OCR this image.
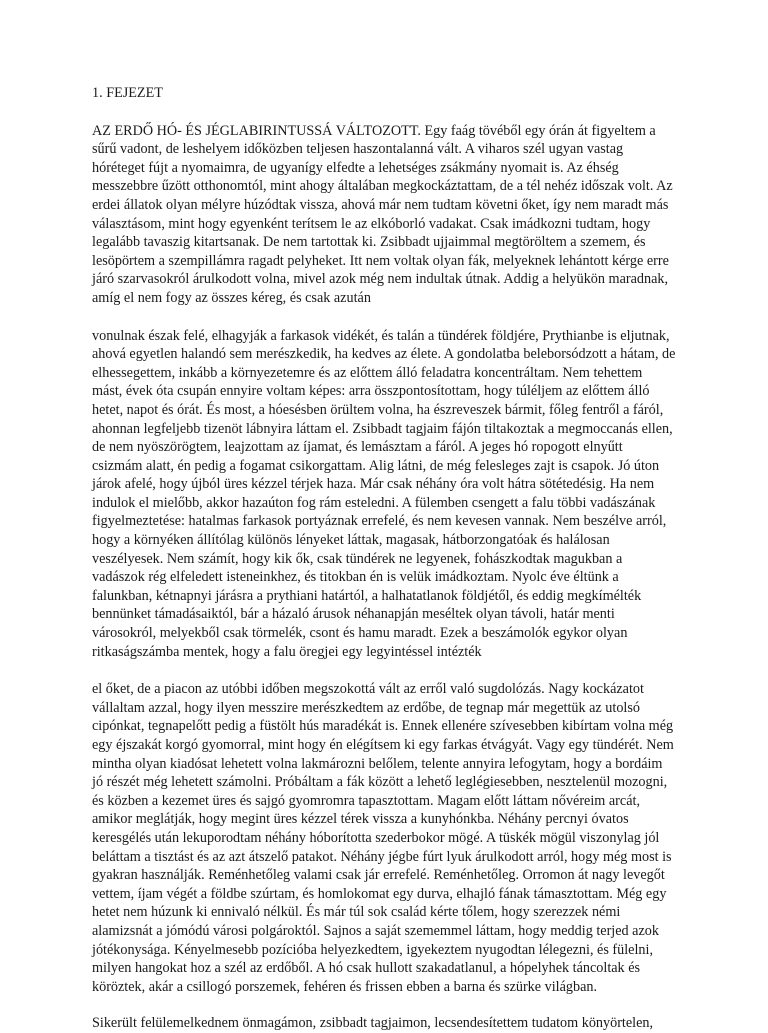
1. FEJEZET

AZ ERDŐ HÓ- ÉS JÉGLABIRINTUSSÁ VÁLTOZOTT. Egy faág tövéből egy órán át figyeltem a sűrű vadont, de leshelyem időközben teljesen haszontalanná vált. A viharos szél ugyan vastag hóréteget fújt a nyomaimra, de ugyanígy elfedte a lehetséges zsákmány nyomait is. Az éhség messzebbre űzött otthonomtól, mint ahogy általában megkockáztattam, de a tél nehéz időszak volt. Az erdei állatok olyan mélyre húzódtak vissza, ahová már nem tudtam követni őket, így nem maradt más választásom, mint hogy egyenként terítsem le az elkóborló vadakat. Csak imádkozni tudtam, hogy legalább tavaszig kitartsanak. De nem tartottak ki. Zsibbadt ujjaimmal megtöröltem a szemem, és lesöpörtem a szempillámra ragadt pelyheket. Itt nem voltak olyan fák, melyeknek lehántott kérge erre járó szarvasokról árulkodott volna, mivel azok még nem indultak útnak. Addig a helyükön maradnak, amíg el nem fogy az összes kéreg, és csak azután

vonulnak észak felé, elhagyják a farkasok vidékét, és talán a tündérek földjére, Prythianbe is eljutnak, ahová egyetlen halandó sem merészkedik, ha kedves az élete. A gondolatba beleborsódzott a hátam, de elhessegettem, inkább a környezetemre és az előttem álló feladatra koncentráltam. Nem tehettem mást, évek óta csupán ennyire voltam képes: arra összpontosítottam, hogy túléljem az előttem álló hetet, napot és órát. És most, a hóesésben örültem volna, ha észreveszek bármit, főleg fentről a fáról, ahonnan legfeljebb tizenöt lábnyira láttam el. Zsibbadt tagjaim fájón tiltakoztak a megmoccanás ellen, de nem nyöszörögtem, leajzottam az íjamat, és lemásztam a fáról. A jeges hó ropogott elnyűtt csizmám alatt, én pedig a fogamat csikorgattam. Alig látni, de még felesleges zajt is csapok. Jó úton járok afelé, hogy újból üres kézzel térjek haza. Már csak néhány óra volt hátra sötétedésig. Ha nem indulok el mielőbb, akkor hazaúton fog rám esteledni. A fülemben csengett a falu többi vadászának figyelmeztetése: hatalmas farkasok portyáznak errefelé, és nem kevesen vannak. Nem beszélve arról, hogy a környéken állítólag különös lényeket láttak, magasak, hátborzongatóak és halálosan veszélyesek. Nem számít, hogy kik ők, csak tündérek ne legyenek, fohászkodtak magukban a vadászok rég elfeledett isteneinkhez, és titokban én is velük imádkoztam. Nyolc éve éltünk a falunkban, kétnapnyi járásra a prythiani határtól, a halhatatlanok földjétől, és eddig megkímélték bennünket támadásaiktól, bár a házaló árusok néhanapján meséltek olyan távoli, határ menti városokról, melyekből csak törmelék, csont és hamu maradt. Ezek a beszámolók egykor olyan ritkaságszámba mentek, hogy a falu öregjei egy legyintéssel intézték

el őket, de a piacon az utóbbi időben megszokottá vált az erről való sugdolózás. Nagy kockázatot vállaltam azzal, hogy ilyen messzire merészkedtem az erdőbe, de tegnap már megettük az utolsó cipónkat, tegnapelőtt pedig a füstölt hús maradékát is. Ennek ellenére szívesebben kibírtam volna még egy éjszakát korgó gyomorral, mint hogy én elégítsem ki egy farkas étvágyát. Vagy egy tündérét. Nem mintha olyan kiadósat lehetett volna lakmározni belőlem, telente annyira lefogytam, hogy a bordáim jó részét még lehetett számolni. Próbáltam a fák között a lehető leglégiesebben, nesztelenül mozogni, és közben a kezemet üres és sajgó gyomromra tapasztottam. Magam előtt láttam nővéreim arcát, amikor meglátják, hogy megint üres kézzel térek vissza a kunyhónkba. Néhány percnyi óvatos keresgélés után lekuporodtam néhány hóborította szederbokor mögé. A tüskék mögül viszonylag jól beláttam a tisztást és az azt átszelő patakot. Néhány jégbe fúrt lyuk árulkodott arról, hogy még most is gyakran használják. Reménhetőleg valami csak jár errefelé. Reménhetőleg. Orromon át nagy levegőt vettem, íjam végét a földbe szúrtam, és homlokomat egy durva, elhajló fának támasztottam. Még egy hetet nem húzunk ki ennivaló nélkül. És már túl sok család kérte tőlem, hogy szerezzek némi alamizsnát a jómódú városi polgároktól. Sajnos a saját szememmel láttam, hogy meddig terjed azok jótékonysága. Kényelmesebb pozícióba helyezkedtem, igyekeztem nyugodtan lélegezni, és fülelni, milyen hangokat hoz a szél az erdőből. A hó csak hullott szakadatlanul, a hópelyhek táncoltak és köröztek, akár a csillogó porszemek, fehéren és frissen ebben a barna és szürke világban.

Sikerült felülemelkednem önmagámon, zsibbadt tagjaimon, lecsendesítettem tudatom könyörtelen,
